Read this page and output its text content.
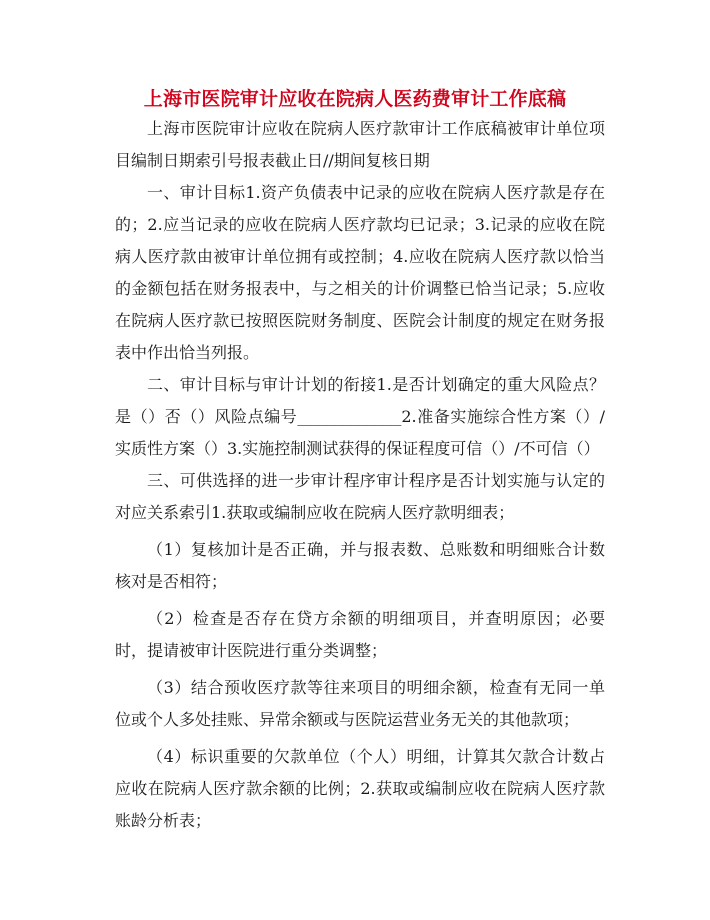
上海市医院审计应收在院病人医药费审计工作底稿

上海市医院审计应收在院病人医疗款审计工作底稿被审计单位项目编制日期索引号报表截止日//期间复核日期

一、审计目标1.资产负债表中记录的应收在院病人医疗款是存在的；2.应当记录的应收在院病人医疗款均已记录；3.记录的应收在院病人医疗款由被审计单位拥有或控制；4.应收在院病人医疗款以恰当的金额包括在财务报表中，与之相关的计价调整已恰当记录；5.应收在院病人医疗款已按照医院财务制度、医院会计制度的规定在财务报表中作出恰当列报。

二、审计目标与审计计划的衔接1.是否计划确定的重大风险点？是（）否（）风险点编号_____________2.准备实施综合性方案（）/实质性方案（）3.实施控制测试获得的保证程度可信（）/不可信（）

三、可供选择的进一步审计程序审计程序是否计划实施与认定的对应关系索引1.获取或编制应收在院病人医疗款明细表；

（1）复核加计是否正确，并与报表数、总账数和明细账合计数核对是否相符；

（2）检查是否存在贷方余额的明细项目，并查明原因；必要时，提请被审计医院进行重分类调整；

（3）结合预收医疗款等往来项目的明细余额，检查有无同一单位或个人多处挂账、异常余额或与医院运营业务无关的其他款项；

（4）标识重要的欠款单位（个人）明细，计算其欠款合计数占应收在院病人医疗款余额的比例；2.获取或编制应收在院病人医疗款账龄分析表；
